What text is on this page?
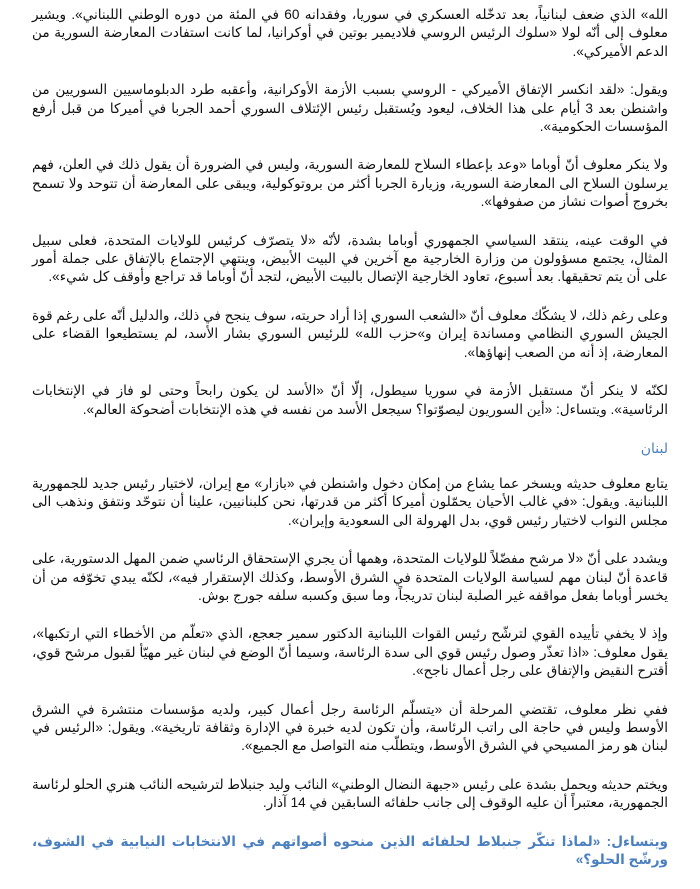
الله» الذي ضعف لبنانياً، بعد تدخّله العسكري في سوريا، وفقدانه 60 في المئة من دوره الوطني اللبناني». ويشير معلوف إلى أنّه لولا «سلوك الرئيس الروسي فلاديمير بوتين في أوكرانيا، لما كانت استفادت المعارضة السورية من الدعم الأميركي».

ويقول: «لقد انكسر الإتفاق الأميركي - الروسي بسبب الأزمة الأوكرانية، وأعقبه طرد الدبلوماسيين السوريين من واشنطن بعد 3 أيام على هذا الخلاف، ليعود ويُستقبل رئيس الإئتلاف السوري أحمد الجربا في أميركا من قبل أرفع المؤسسات الحكومية».

ولا ينكر معلوف أنّ أوباما «وعد بإعطاء السلاح للمعارضة السورية، وليس في الضرورة أن يقول ذلك في العلن، فهم يرسلون السلاح الى المعارضة السورية، وزيارة الجربا أكثر من بروتوكولية، ويبقى على المعارضة أن تتوحد ولا تسمح بخروج أصوات نشاز من صفوفها».

في الوقت عينه، ينتقد السياسي الجمهوري أوباما بشدة، لأنّه «لا يتصرّف كرئيس للولايات المتحدة، فعلى سبيل المثال، يجتمع مسؤولون من وزارة الخارجية مع آخرين في البيت الأبيض، وينتهي الإجتماع بالإتفاق على جملة أمور على أن يتم تحقيقها. بعد أسبوع، تعاود الخارجية الإتصال بالبيت الأبيض، لتجد أنّ أوباما قد تراجع وأوقف كل شيء».

وعلى رغم ذلك، لا يشكّك معلوف أنّ «الشعب السوري إذا أراد حريته، سوف ينجح في ذلك، والدليل أنّه على رغم قوة الجيش السوري النظامي ومساندة إيران و»حزب الله» للرئيس السوري بشار الأسد، لم يستطيعوا القضاء على المعارضة، إذ أنه من الصعب إنهاؤها».

لكنّه لا ينكر أنّ مستقبل الأزمة في سوريا سيطول، إلّا أنّ «الأسد لن يكون رابحاً وحتى لو فاز في الإنتخابات الرئاسية». ويتساءل: «أين السوريون ليصوّتوا؟ سيجعل الأسد من نفسه في هذه الإنتخابات أضحوكة العالم».

لبنان

يتابع معلوف حديثه ويسخر عما يشاع من إمكان دخول واشنطن في «بازار» مع إيران، لاختيار رئيس جديد للجمهورية اللبنانية. ويقول: «في غالب الأحيان يحمّلون أميركا أكثر من قدرتها، نحن كلبنانيين، علينا أن نتوحّد ونتفق ونذهب الى مجلس النواب لاختيار رئيس قوي، بدل الهرولة الى السعودية وإيران».

ويشدد على أنّ «لا مرشح مفضّلاً للولايات المتحدة، وهمها أن يجري الإستحقاق الرئاسي ضمن المهل الدستورية، على قاعدة أنّ لبنان مهم لسياسة الولايات المتحدة في الشرق الأوسط، وكذلك الإستقرار فيه»، لكنّه يبدي تخوّفه من أن يخسر أوباما بفعل مواقفه غير الصلبة لبنان تدريجاً، وما سبق وكسبه سلفه جورج بوش.

وإذ لا يخفي تأييده القوي لترشّح رئيس القوات اللبنانية الدكتور سمير جعجع، الذي «تعلّم من الأخطاء التي ارتكبها»، يقول معلوف: «اذا تعذّر وصول رئيس قوي الى سدة الرئاسة، وسيما أنّ الوضع في لبنان غير مهيّأ لقبول مرشح قوي، أقترح النقيض والإتفاق على رجل أعمال ناجح».

ففي نظر معلوف، تقتضي المرحلة أن «يتسلّم الرئاسة رجل أعمال كبير، ولديه مؤسسات منتشرة في الشرق الأوسط وليس في حاجة الى راتب الرئاسة، وأن تكون لديه خبرة في الإدارة وثقافة تاريخية». ويقول: «الرئيس في لبنان هو رمز المسيحي في الشرق الأوسط، ويتطلّب منه التواصل مع الجميع».

ويختم حديثه ويحمل بشدة على رئيس «جبهة النضال الوطني» النائب وليد جنبلاط لترشيحه النائب هنري الحلو لرئاسة الجمهورية، معتبراً أن عليه الوقوف إلى جانب حلفائه السابقين في 14 آذار.

ويتساءل: «لماذا تنكّر جنبلاط لحلفائه الذين منحوه أصواتهم في الانتخابات النيابية في الشوف، ورشّح الحلو؟»
